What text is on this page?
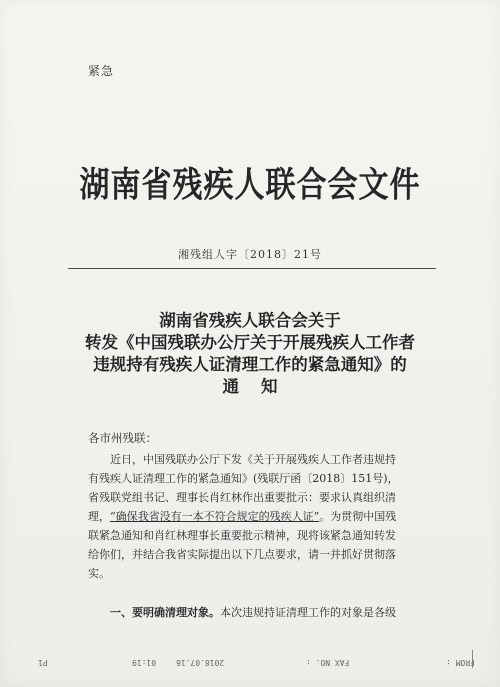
紧急
湖南省残疾人联合会文件
湘残组人字〔2018〕21号
湖南省残疾人联合会关于
转发《中国残联办公厅关于开展残疾人工作者
违规持有残疾人证清理工作的紧急通知》的
通知
各市州残联：
近日，中国残联办公厅下发《关于开展残疾人工作者违规持
有残疾人证清理工作的紧急通知》(残联厅函〔2018〕151号)，
省残联党组书记、理事长肖红林作出重要批示：要求认真组织清
理，“确保我省没有一本不符合规定的残疾人证”。为贯彻中国残
联紧急通知和肖红林理事长重要批示精神，现将该紧急通知转发
给你们，并结合我省实际提出以下几点要求，请一并抓好贯彻落
实。
一、要明确清理对象。本次违规持证清理工作的对象是各级
P1	01:19 2018.07.16	FAX NO. :	FROM :
